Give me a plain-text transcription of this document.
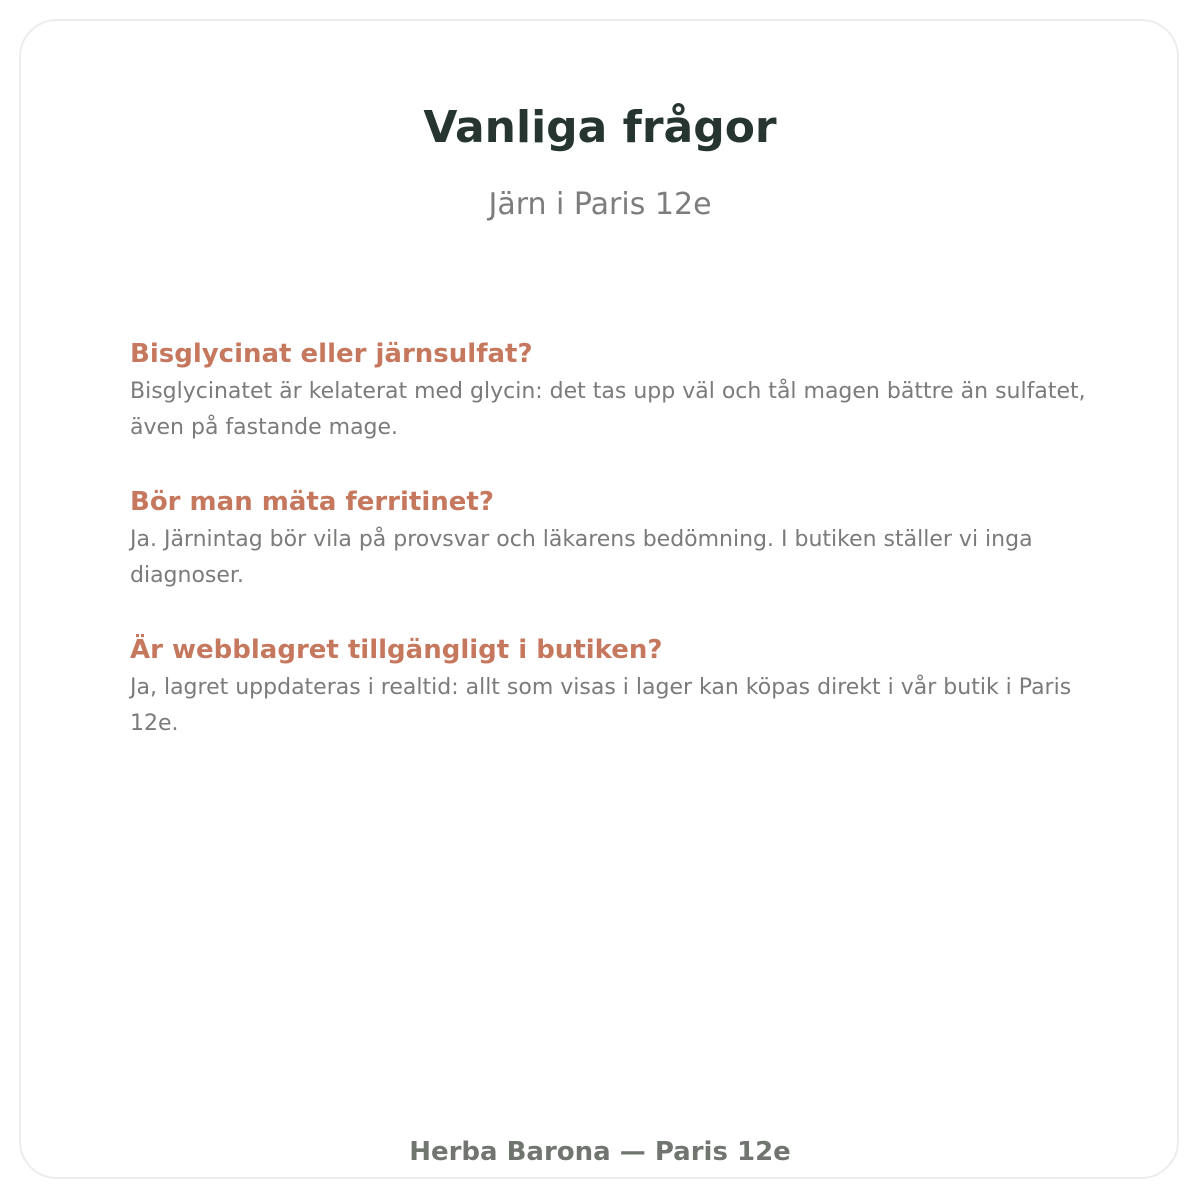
Vanliga frågor

Järn i Paris 12e

Bisglycinat eller järnsulfat?

Bisglycinatet är kelaterat med glycin: det tas upp väl och tål magen bättre än sulfatet, även på fastande mage.

Bör man mäta ferritinet?

Ja. Järnintag bör vila på provsvar och läkarens bedömning. I butiken ställer vi inga diagnoser.

Är webblagret tillgängligt i butiken?

Ja, lagret uppdateras i realtid: allt som visas i lager kan köpas direkt i vår butik i Paris 12e.

Herba Barona — Paris 12e
